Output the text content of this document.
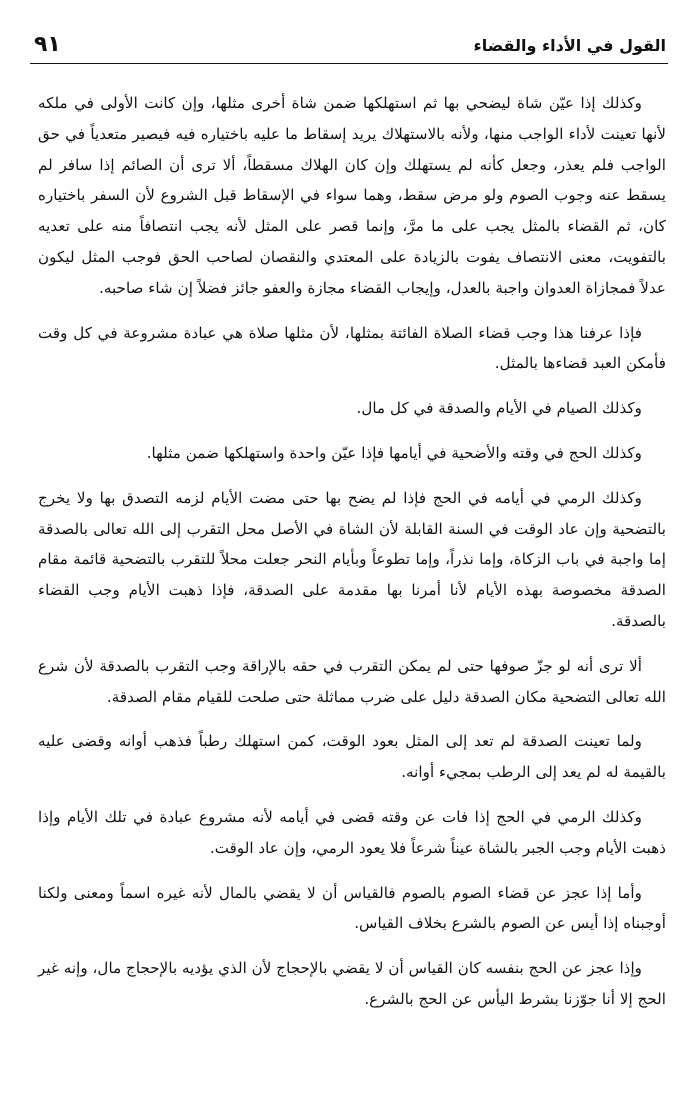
القول في الأداء والقضاء
٩١

وكذلك إذا عيّن شاة ليضحي بها ثم استهلكها ضمن شاة أخرى مثلها، وإن كانت الأولى في ملكه لأنها تعينت لأداء الواجب منها، ولأنه بالاستهلاك يريد إسقاط ما عليه باختياره فيه فيصير متعدياً في حق الواجب فلم يعذر، وجعل كأنه لم يستهلك وإن كان الهلاك مسقطاً، ألا ترى أن الصائم إذا سافر لم يسقط عنه وجوب الصوم ولو مرض سقط، وهما سواء في الإسقاط قبل الشروع لأن السفر باختياره كان، ثم القضاء بالمثل يجب على ما مرَّ، وإنما قصر على المثل لأنه يجب انتصافاً منه على تعديه بالتفويت، معنى الانتصاف يفوت بالزيادة على المعتدي والنقصان لصاحب الحق فوجب المثل ليكون عدلاً فمجازاة العدوان واجبة بالعدل، وإيجاب القضاء مجازة والعفو جائز فضلاً إن شاء صاحبه.

فإذا عرفنا هذا وجب قضاء الصلاة الفائتة بمثلها، لأن مثلها صلاة هي عبادة مشروعة في كل وقت فأمكن العبد قضاءها بالمثل.

وكذلك الصيام في الأيام والصدقة في كل مال.

وكذلك الحج في وقته والأضحية في أيامها فإذا عيّن واحدة واستهلكها ضمن مثلها.

وكذلك الرمي في أيامه في الحج فإذا لم يضح بها حتى مضت الأيام لزمه التصدق بها ولا يخرج بالتضحية وإن عاد الوقت في السنة القابلة لأن الشاة في الأصل محل التقرب إلى الله تعالى بالصدقة إما واجبة في باب الزكاة، وإما نذراً، وإما تطوعاً وبأيام النحر جعلت محلاً للتقرب بالتضحية قائمة مقام الصدقة مخصوصة بهذه الأيام لأنا أمرنا بها مقدمة على الصدقة، فإذا ذهبت الأيام وجب القضاء بالصدقة.

ألا ترى أنه لو جزّ صوفها حتى لم يمكن التقرب في حقه بالإراقة وجب التقرب بالصدقة لأن شرع الله تعالى التضحية مكان الصدقة دليل على ضرب مماثلة حتى صلحت للقيام مقام الصدقة.

ولما تعينت الصدقة لم تعد إلى المثل بعود الوقت، كمن استهلك رطباً فذهب أوانه وقضى عليه بالقيمة له لم يعد إلى الرطب بمجيء أوانه.

وكذلك الرمي في الحج إذا فات عن وقته قضى في أيامه لأنه مشروع عبادة في تلك الأيام وإذا ذهبت الأيام وجب الجبر بالشاة عيناً شرعاً فلا يعود الرمي، وإن عاد الوقت.

وأما إذا عجز عن قضاء الصوم بالصوم فالقياس أن لا يقضي بالمال لأنه غيره اسماً ومعنى ولكنا أوجبناه إذا أيس عن الصوم بالشرع بخلاف القياس.

وإذا عجز عن الحج بنفسه كان القياس أن لا يقضي بالإحجاج لأن الذي يؤديه بالإحجاج مال، وإنه غير الحج إلا أنا جوّزنا بشرط اليأس عن الحج بالشرع.
